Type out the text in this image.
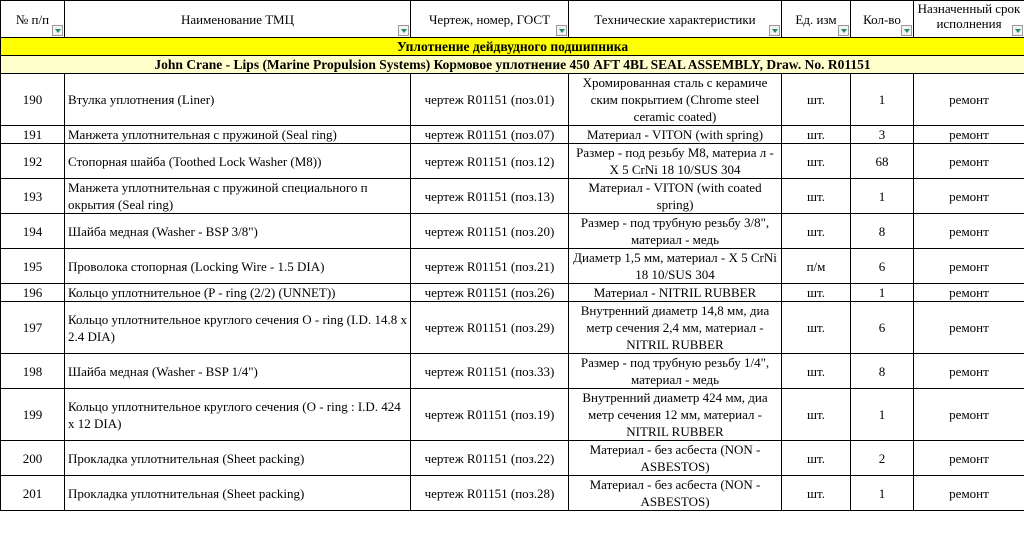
№ п/п	Наименование ТМЦ	Чертеж, номер, ГОСТ	Технические характеристики	Ед. изм	Кол-во	Назначенный срок исполнения

Уплотнение дейдвудного подшипника						
John Crane - Lips (Marine Propulsion Systems) Кормовое уплотнение 450 AFT 4BL SEAL ASSEMBLY, Draw. No. R01151						
190	Втулка уплотнения (Liner)	чертеж R01151 (поз.01)	Хромированная сталь с керамиче ским покрытием (Chrome steel ceramic coated)	шт.	1	ремонт
191	Манжета уплотнительная с пружиной (Seal ring)	чертеж R01151 (поз.07)	Материал - VITON (with spring)	шт.	3	ремонт
192	Стопорная шайба (Toothed Lock Washer (M8))	чертеж R01151 (поз.12)	Размер - под резьбу M8, материа л - X 5 CrNi 18 10/SUS 304	шт.	68	ремонт
193	Манжета уплотнительная с пружиной специального п окрытия (Seal ring)	чертеж R01151 (поз.13)	Материал - VITON (with coated spring)	шт.	1	ремонт
194	Шайба медная (Washer - BSP 3/8")	чертеж R01151 (поз.20)	Размер - под трубную резьбу 3/8", материал - медь	шт.	8	ремонт
195	Проволока стопорная (Locking Wire - 1.5 DIA)	чертеж R01151 (поз.21)	Диаметр 1,5 мм, материал - X 5 CrNi 18 10/SUS 304	п/м	6	ремонт
196	Кольцо уплотнительное (P - ring (2/2) (UNNET))	чертеж R01151 (поз.26)	Материал - NITRIL RUBBER	шт.	1	ремонт
197	Кольцо уплотнительное круглого сечения O - ring (I.D. 14.8 x 2.4 DIA)	чертеж R01151 (поз.29)	Внутренний диаметр 14,8 мм, диа метр сечения 2,4 мм, материал - NITRIL RUBBER	шт.	6	ремонт
198	Шайба медная (Washer - BSP 1/4")	чертеж R01151 (поз.33)	Размер - под трубную резьбу 1/4", материал - медь	шт.	8	ремонт
199	Кольцо уплотнительное круглого сечения (O - ring : I.D. 424 x 12 DIA)	чертеж R01151 (поз.19)	Внутренний диаметр 424 мм, диа метр сечения 12 мм, материал - NITRIL RUBBER	шт.	1	ремонт
200	Прокладка уплотнительная (Sheet packing)	чертеж R01151 (поз.22)	Материал - без асбеста (NON - ASBESTOS)	шт.	2	ремонт
201	Прокладка уплотнительная (Sheet packing)	чертеж R01151 (поз.28)	Материал - без асбеста (NON - ASBESTOS)	шт.	1	ремонт
